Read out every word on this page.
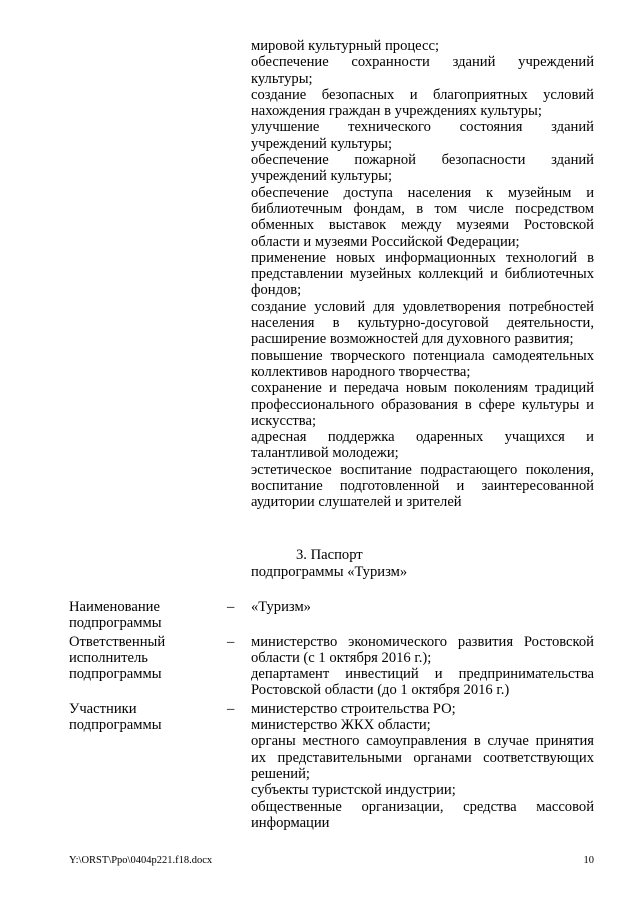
мировой культурный процесс;

обеспечение сохранности зданий учреждений культуры;

создание безопасных и благоприятных условий нахождения граждан в учреждениях культуры;

улучшение технического состояния зданий учреждений культуры;

обеспечение пожарной безопасности зданий учреждений культуры;

обеспечение доступа населения к музейным и библиотечным фондам, в том числе посредством обменных выставок между музеями Ростовской области и музеями Российской Федерации;

применение новых информационных технологий в представлении музейных коллекций и библиотечных фондов;

создание условий для удовлетворения потребностей населения в культурно-досуговой деятельности, расширение возможностей для духовного развития;

повышение творческого потенциала самодеятельных коллективов народного творчества;

сохранение и передача новым поколениям традиций профессионального образования в сфере культуры и искусства;

адресная поддержка одаренных учащихся и талантливой молодежи;

эстетическое воспитание подрастающего поколения, воспитание подготовленной и заинтересованной аудитории слушателей и зрителей

3. Паспорт

подпрограммы «Туризм»

Наименование
подпрограммы
–	«Туризм»

Ответственный
исполнитель
подпрограммы
–	министерство экономического развития Ростовской области (с 1 октября 2016 г.);

департамент инвестиций и предпринимательства Ростовской области (до 1 октября 2016 г.)

Участники
подпрограммы
–	министерство строительства РО;

министерство ЖКХ области;

органы местного самоуправления в случае принятия их представительными органами соответствующих решений;

субъекты туристской индустрии;

общественные организации, средства массовой информации

Y:\ORST\Ppo\0404p221.f18.docx	10
